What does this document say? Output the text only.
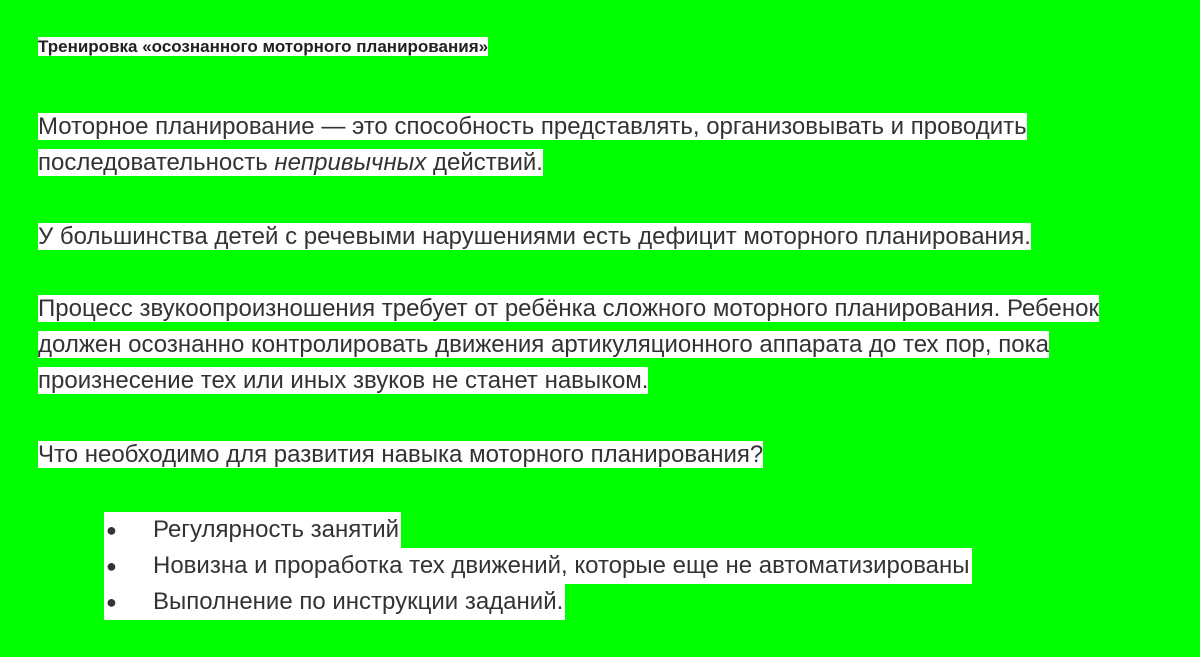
Тренировка «осознанного моторного планирования»

Моторное планирование — это способность представлять, организовывать и проводить последовательность непривычных действий.

У большинства детей с речевыми нарушениями есть дефицит моторного планирования.

Процесс звукоопроизношения требует от ребёнка сложного моторного планирования. Ребенок должен осознанно контролировать движения артикуляционного аппарата до тех пор, пока произнесение тех или иных звуков не станет навыком.

Что необходимо для развития навыка моторного планирования?

● Регулярность занятий
● Новизна и проработка тех движений, которые еще не автоматизированы
● Выполнение по инструкции заданий.
